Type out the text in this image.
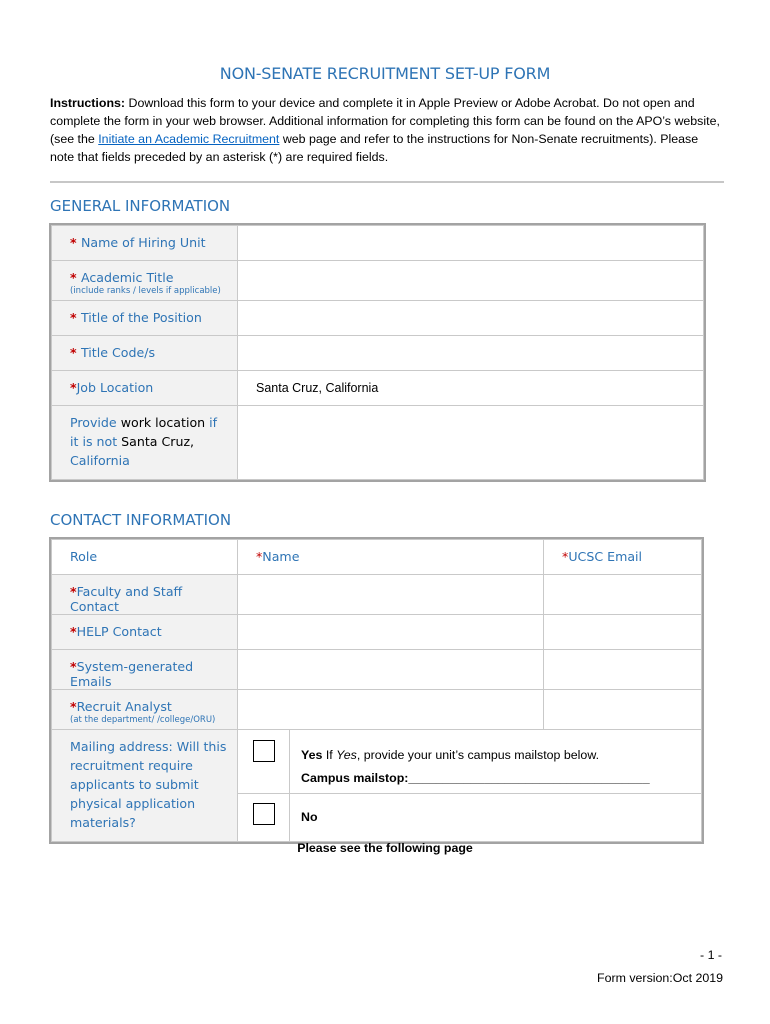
NON-SENATE RECRUITMENT SET-UP FORM
Instructions: Download this form to your device and complete it in Apple Preview or Adobe Acrobat. Do not open and complete the form in your web browser. Additional information for completing this form can be found on the APO’s website, (see the Initiate an Academic Recruitment web page and refer to the instructions for Non-Senate recruitments). Please note that fields preceded by an asterisk (*) are required fields.
GENERAL INFORMATION
* Name of Hiring Unit	
* Academic Title
(include ranks / levels if applicable)	

* Title of the Position	
* Title Code/s	
*Job Location	Santa Cruz, California
Provide work location if it is not Santa Cruz,
California	
CONTACT INFORMATION
Role	*Name		*UCSC Email
*Faculty and Staff Contact			
*HELP Contact			
*System-generated Emails			
*Recruit Analyst
(at the department/ /college/ORU)			

Mailing address: Will this recruitment require applicants to submit physical application materials?		Yes If Yes, provide your unit’s campus mailstop below.
Campus mailstop:___________________________________	

		No	
Please see the following page
- 1 -
Form version:Oct 2019
